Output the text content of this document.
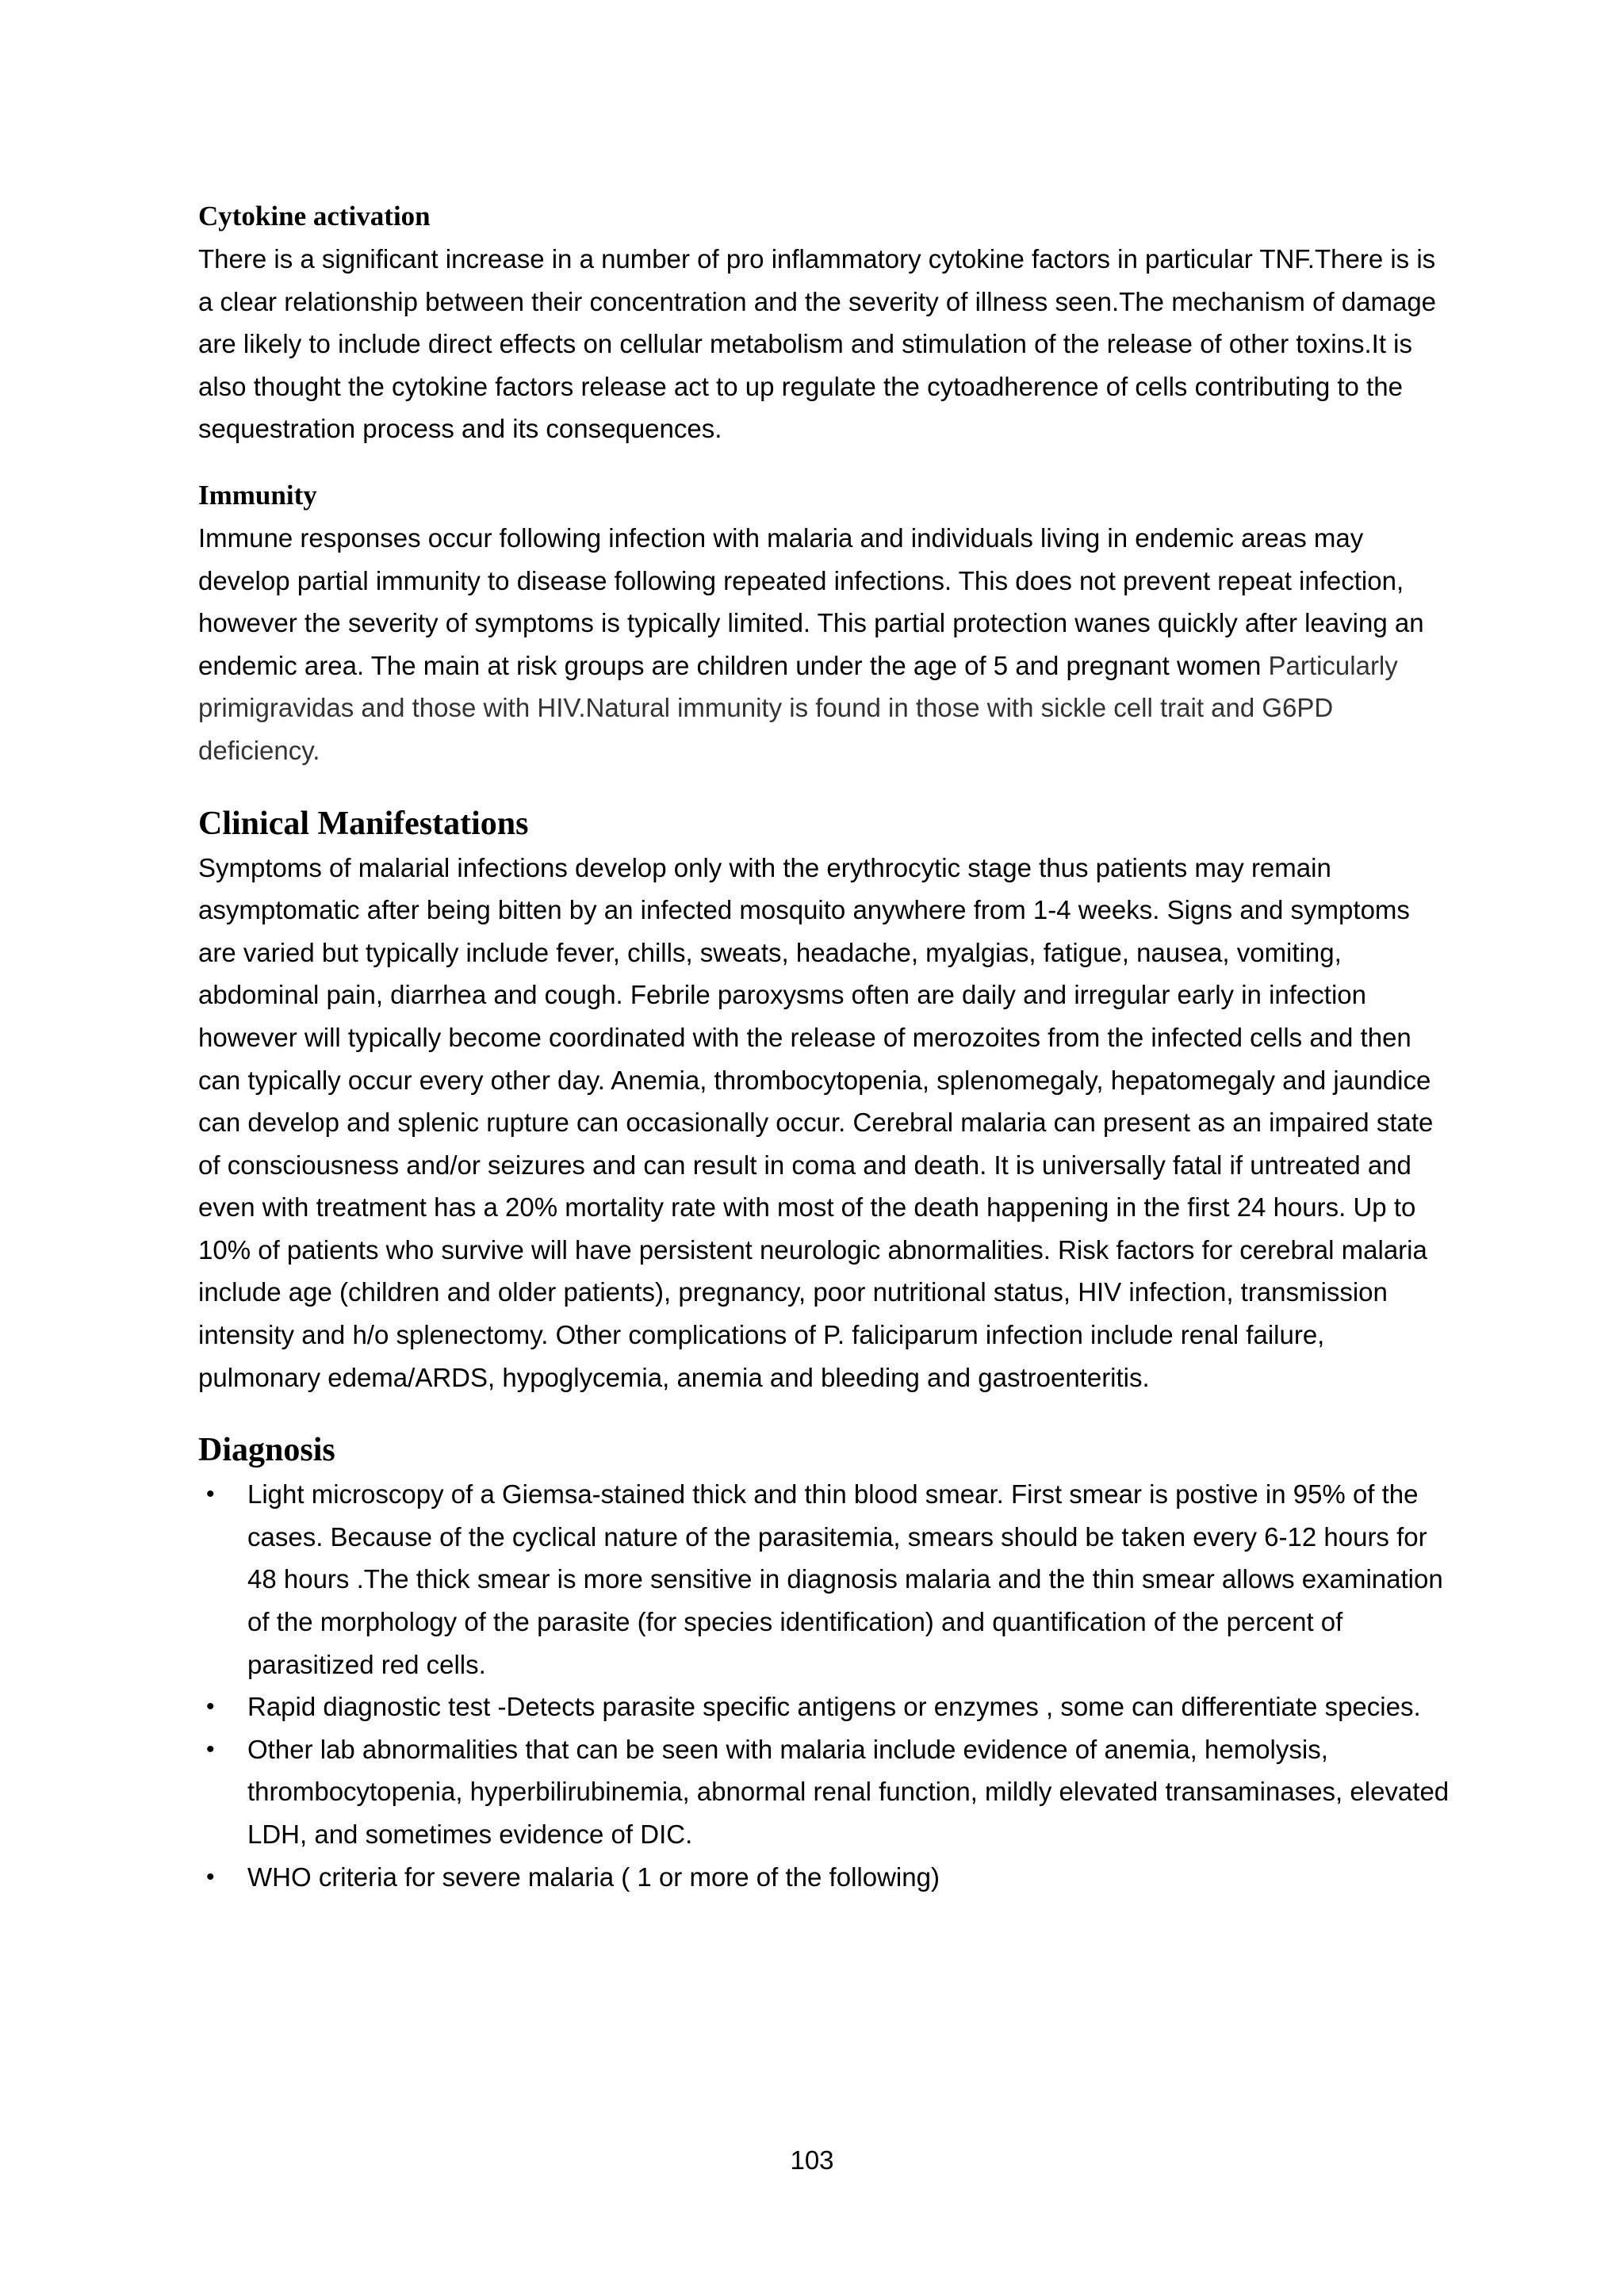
Cytokine activation

There is a significant increase in a number of pro inflammatory cytokine factors in particular TNF.There is is a clear relationship between their concentration and the severity of illness seen.The mechanism of damage are likely to include direct effects on cellular metabolism and stimulation of the release of other toxins.It is also thought the cytokine factors release act to up regulate the cytoadherence of cells contributing to the sequestration process and its consequences.

Immunity

Immune responses occur following infection with malaria and individuals living in endemic areas may develop partial immunity to disease following repeated infections. This does not prevent repeat infection, however the severity of symptoms is typically limited. This partial protection wanes quickly after leaving an endemic area. The main at risk groups are children under the age of 5 and pregnant women Particularly primigravidas and those with HIV.Natural immunity is found in those with sickle cell trait and G6PD deficiency.

Clinical Manifestations

Symptoms of malarial infections develop only with the erythrocytic stage thus patients may remain asymptomatic after being bitten by an infected mosquito anywhere from 1-4 weeks. Signs and symptoms are varied but typically include fever, chills, sweats, headache, myalgias, fatigue, nausea, vomiting, abdominal pain, diarrhea and cough. Febrile paroxysms often are daily and irregular early in infection however will typically become coordinated with the release of merozoites from the infected cells and then can typically occur every other day. Anemia, thrombocytopenia, splenomegaly, hepatomegaly and jaundice can develop and splenic rupture can occasionally occur. Cerebral malaria can present as an impaired state of consciousness and/or seizures and can result in coma and death. It is universally fatal if untreated and even with treatment has a 20% mortality rate with most of the death happening in the first 24 hours. Up to 10% of patients who survive will have persistent neurologic abnormalities. Risk factors for cerebral malaria include age (children and older patients), pregnancy, poor nutritional status, HIV infection, transmission intensity and h/o splenectomy. Other complications of P. faliciparum infection include renal failure, pulmonary edema/ARDS, hypoglycemia, anemia and bleeding and gastroenteritis.

Diagnosis
• Light microscopy of a Giemsa-stained thick and thin blood smear. First smear is postive in 95% of the cases. Because of the cyclical nature of the parasitemia, smears should be taken every 6-12 hours for 48 hours .The thick smear is more sensitive in diagnosis malaria and the thin smear allows examination of the morphology of the parasite (for species identification) and quantification of the percent of parasitized red cells.
• Rapid diagnostic test -Detects parasite specific antigens or enzymes , some can differentiate species.
• Other lab abnormalities that can be seen with malaria include evidence of anemia, hemolysis, thrombocytopenia, hyperbilirubinemia, abnormal renal function, mildly elevated transaminases, elevated LDH, and sometimes evidence of DIC.
• WHO criteria for severe malaria ( 1 or more of the following)
103
